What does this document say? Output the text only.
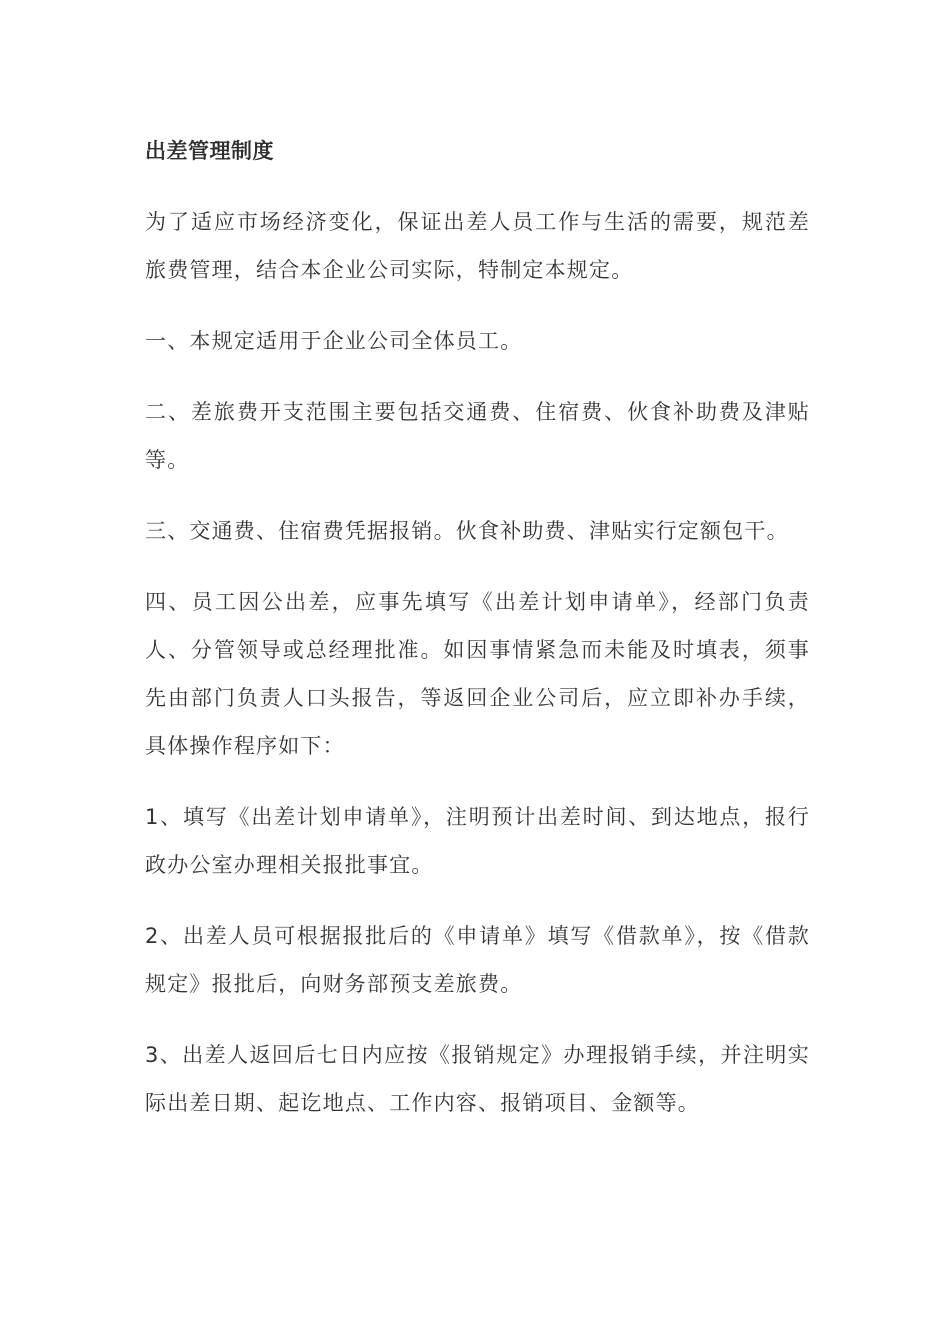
出差管理制度

为了适应市场经济变化，保证出差人员工作与生活的需要，规范差旅费管理，结合本企业公司实际，特制定本规定。

一、本规定适用于企业公司全体员工。

二、差旅费开支范围主要包括交通费、住宿费、伙食补助费及津贴等。

三、交通费、住宿费凭据报销。伙食补助费、津贴实行定额包干。

四、员工因公出差，应事先填写《出差计划申请单》，经部门负责人、分管领导或总经理批准。如因事情紧急而未能及时填表，须事先由部门负责人口头报告，等返回企业公司后，应立即补办手续，具体操作程序如下：

1、填写《出差计划申请单》，注明预计出差时间、到达地点，报行政办公室办理相关报批事宜。

2、出差人员可根据报批后的《申请单》填写《借款单》，按《借款规定》报批后，向财务部预支差旅费。

3、出差人返回后七日内应按《报销规定》办理报销手续，并注明实际出差日期、起讫地点、工作内容、报销项目、金额等。
